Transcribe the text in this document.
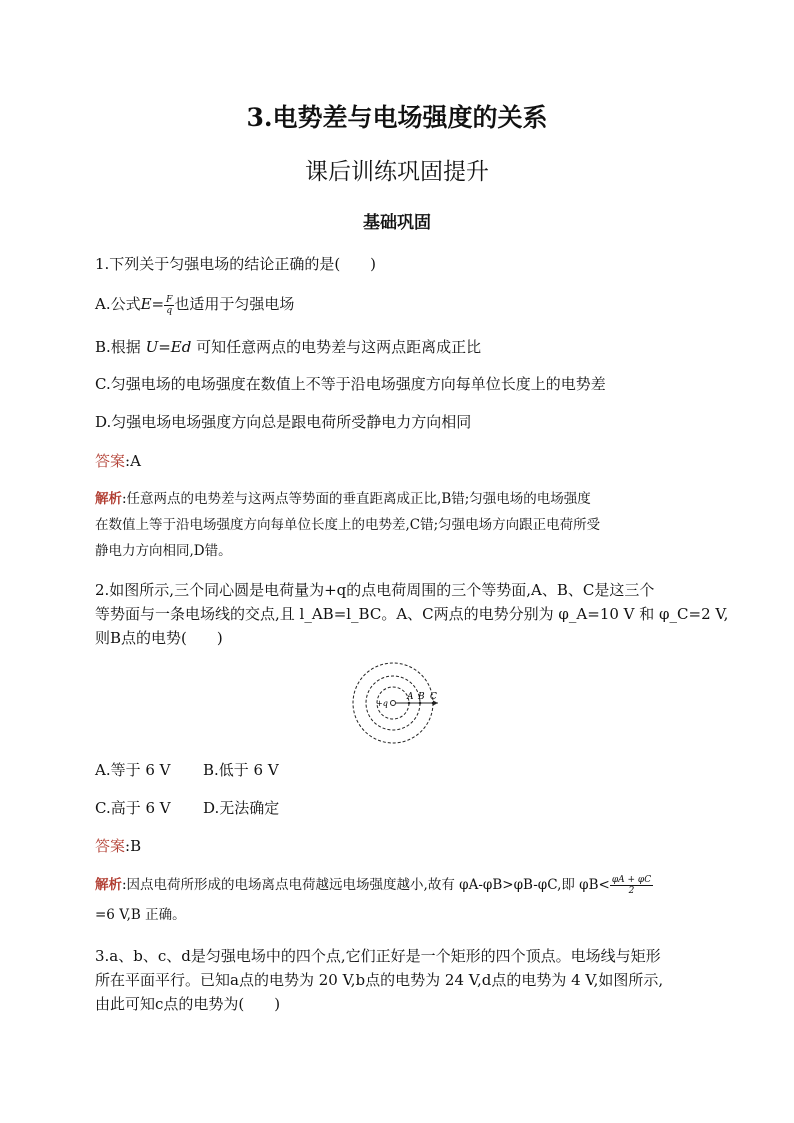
3.电势差与电场强度的关系
课后训练巩固提升
基础巩固
1.下列关于匀强电场的结论正确的是(　　)
A.公式$E= \frac{F}{q}$ 也适用于匀强电场
B.根据 U=Ed 可知任意两点的电势差与这两点距离成正比
C.匀强电场的电场强度在数值上不等于沿电场强度方向每单位长度上的电势差
D.匀强电场电场强度方向总是跟电荷所受静电力方向相同
答案:A
解析:任意两点的电势差与这两点等势面的垂直距离成正比,B错;匀强电场的电场强度
在数值上等于沿电场强度方向每单位长度上的电势差,C错;匀强电场方向跟正电荷所受
静电力方向相同,D错。
2.如图所示,三个同心圆是电荷量为+q的点电荷周围的三个等势面,A、B、C是这三个
等势面与一条电场线的交点,且 l_AB=l_BC。A、C两点的电势分别为 φ_A=10 V 和 φ_C=2 V,
则B点的电势(　　)
+q
A B C
A.等于 6 V B.低于 6 V
C.高于 6 V D.无法确定
答案:B
解析:因点电荷所形成的电场离点电荷越远电场强度越小,故有 φA-φB>φB-φC,即 $\varphi B< \frac{\varphi A + \varphi C}{2}$
=6 V,B 正确。
3.a、b、c、d是匀强电场中的四个点,它们正好是一个矩形的四个顶点。电场线与矩形
所在平面平行。已知a点的电势为 20 V,b点的电势为 24 V,d点的电势为 4 V,如图所示,
由此可知c点的电势为(　　)
